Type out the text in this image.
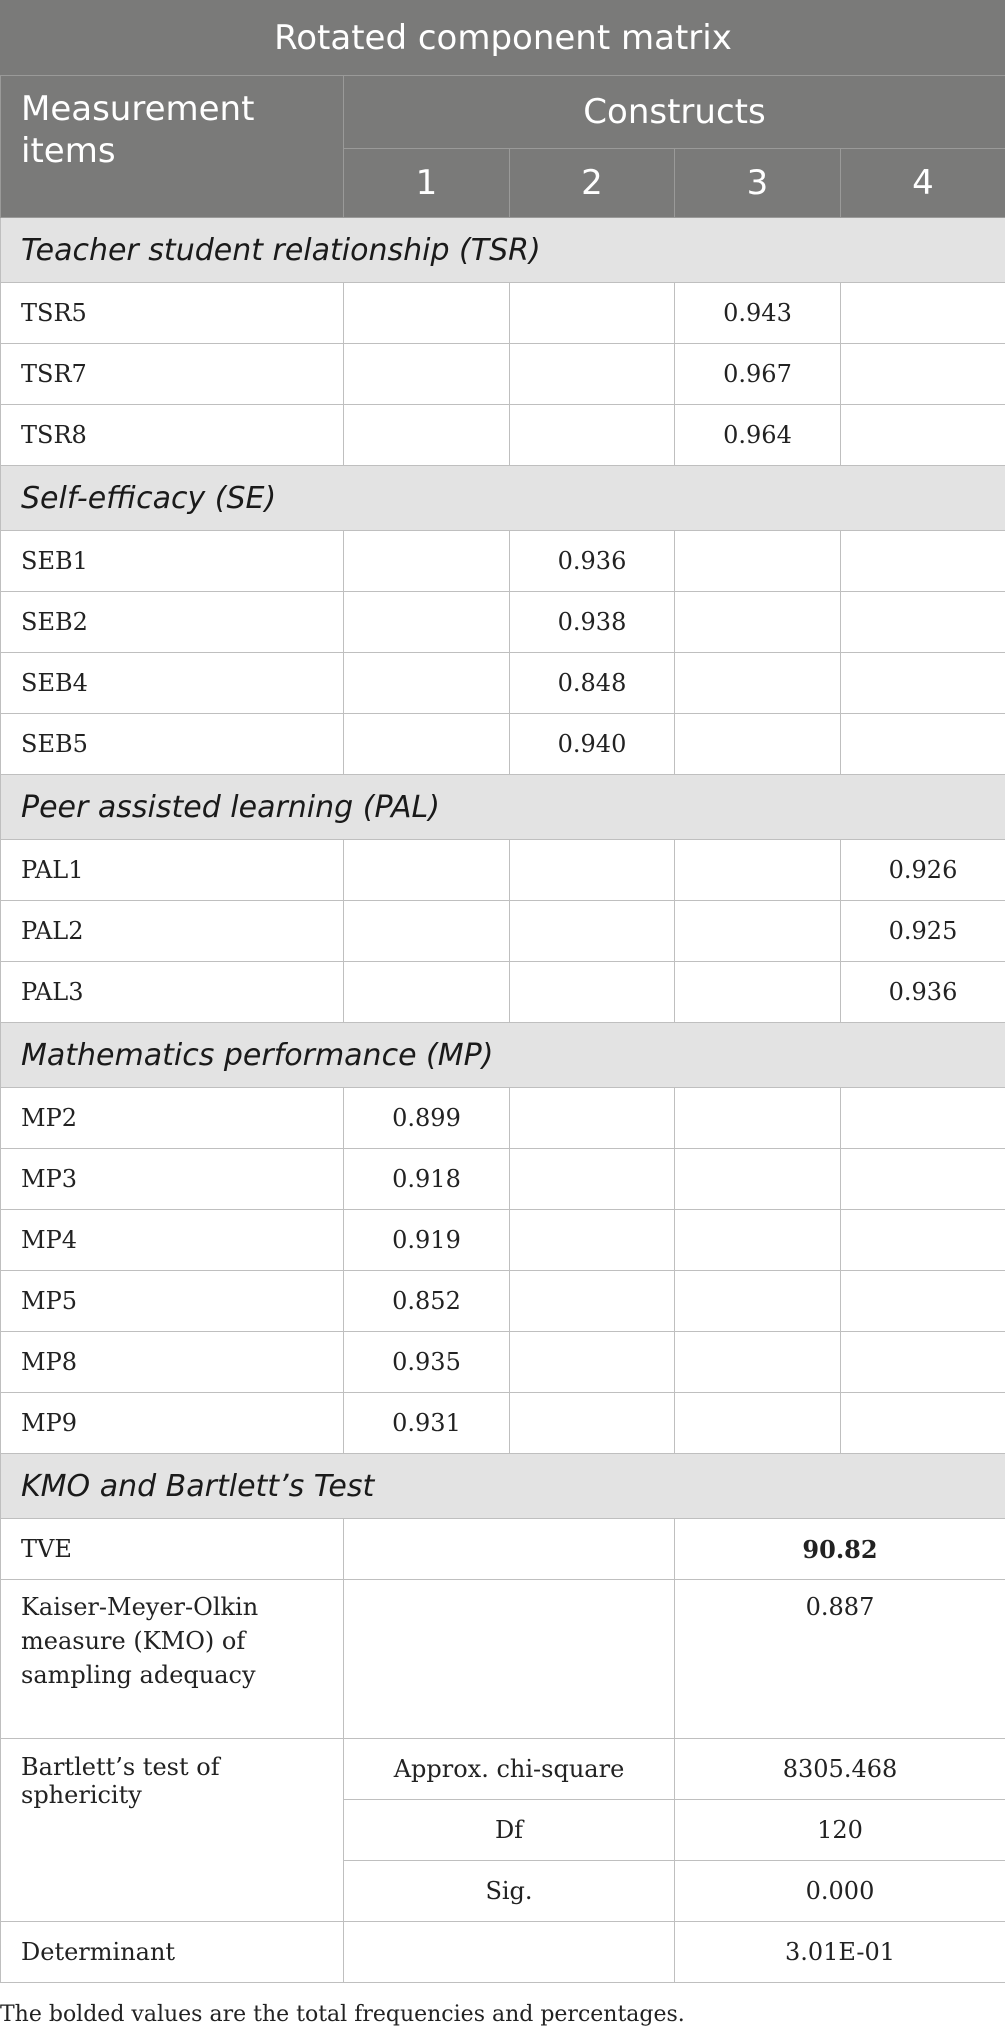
Rotated component matrix				
Measurement items	Constructs			
	1	2	3	4
Teacher student relationship (TSR)				
TSR5			0.943	
TSR7			0.967	
TSR8			0.964	
Self-efficacy (SE)				
SEB1		0.936		
SEB2		0.938		
SEB4		0.848		
SEB5		0.940		
Peer assisted learning (PAL)				
PAL1				0.926
PAL2				0.925
PAL3				0.936
Mathematics performance (MP)				
MP2	0.899			
MP3	0.918			
MP4	0.919			
MP5	0.852			
MP8	0.935			
MP9	0.931			
KMO and Bartlett’s Test				
TVE			90.82	
Kaiser-Meyer-Olkin measure (KMO) of sampling adequacy			0.887	
Bartlett’s test of sphericity	Approx. chi-square		8305.468	
	Df		120	
	Sig.		0.000	
Determinant			3.01E-01	
The bolded values are the total frequencies and percentages.
